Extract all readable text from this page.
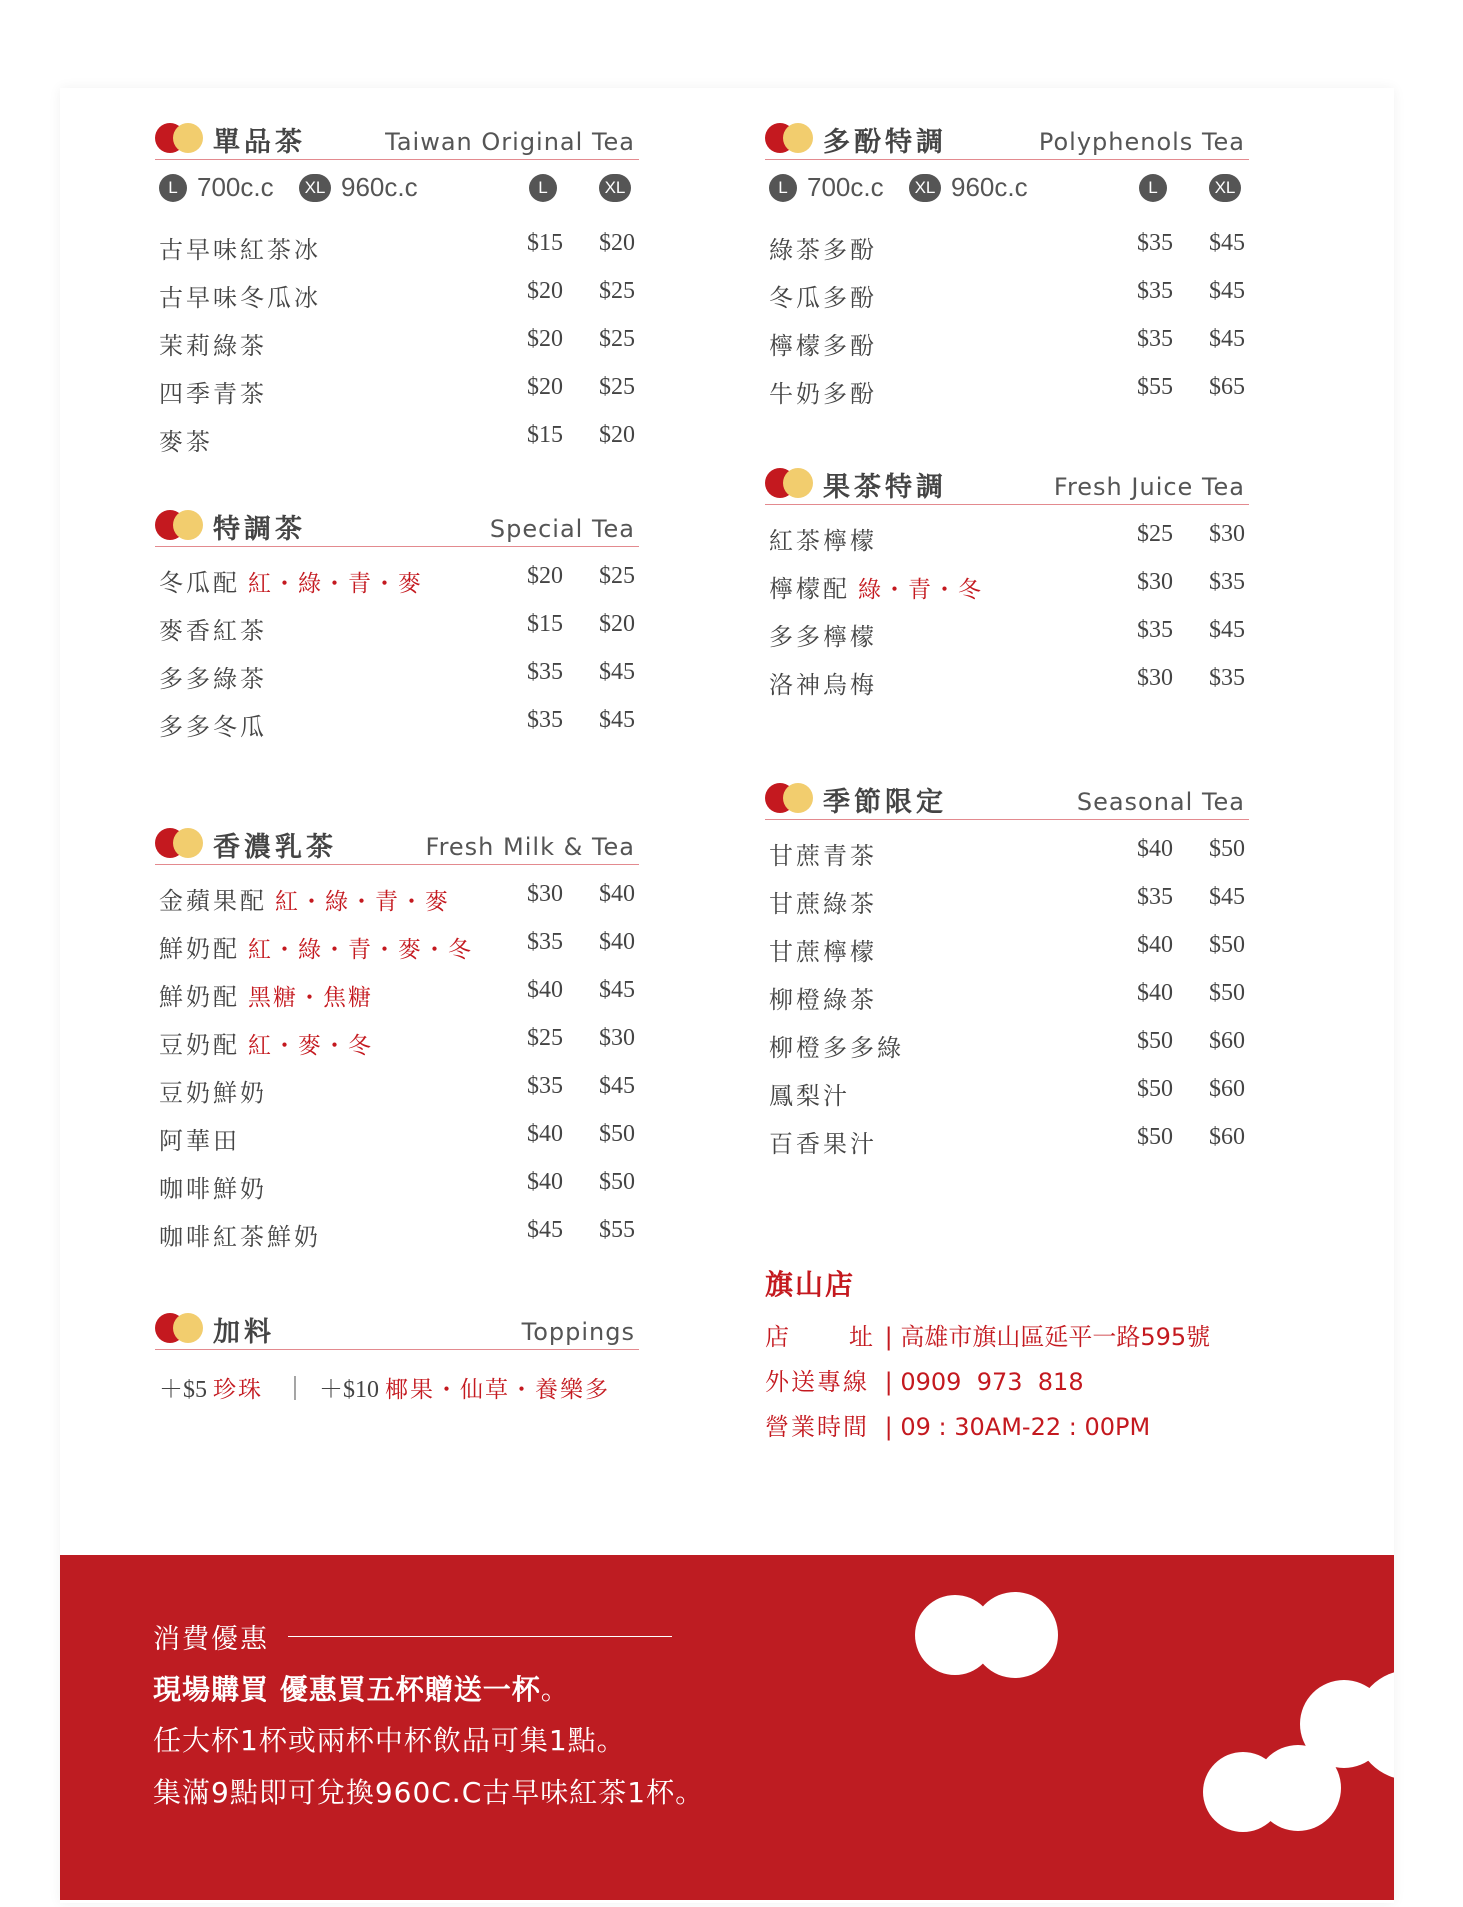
單品茶	Taiwan Original Tea
L 700c.c	XL 960c.c	L	XL
古早味紅茶冰	$15 $20
古早味冬瓜冰	$20 $25
茉莉綠茶	$20 $25
四季青茶	$20 $25
麥茶	$15 $20
特調茶	Special Tea
冬瓜配 紅・綠・青・麥	$20 $25
麥香紅茶	$15 $20
多多綠茶	$35 $45
多多冬瓜	$35 $45
香濃乳茶	Fresh Milk & Tea
金蘋果配 紅・綠・青・麥	$30 $40
鮮奶配 紅・綠・青・麥・冬 $35 $40
鮮奶配 黑糖・焦糖	$40 $45
豆奶配 紅・麥・冬	$25 $30
豆奶鮮奶	$35 $45
阿華田	$40 $50
咖啡鮮奶	$40 $50
咖啡紅茶鮮奶	$45 $55
加料	Toppings
＋$5 珍珠 ｜ ＋$10 椰果・仙草・養樂多
多酚特調	Polyphenols Tea
L 700c.c	XL 960c.c	L	XL
綠茶多酚	$35 $45
冬瓜多酚	$35 $45
檸檬多酚	$35 $45
牛奶多酚	$55 $65
果茶特調	Fresh Juice Tea
紅茶檸檬	$25 $30
檸檬配 綠・青・冬	$30 $35
多多檸檬	$35 $45
洛神烏梅	$30 $35
季節限定	Seasonal Tea
甘蔗青茶	$40 $50
甘蔗綠茶	$35 $45
甘蔗檸檬	$40 $50
柳橙綠茶	$40 $50
柳橙多多綠	$50 $60
鳳梨汁	$50 $60
百香果汁	$50 $60
旗山店
店	址 | 高雄市旗山區延平一路595號
外送專線 | 0909  973  818
營業時間 | 09 : 30AM-22 : 00PM
消費優惠
現場購買 優惠買五杯贈送一杯。
任大杯1杯或兩杯中杯飲品可集1點。
集滿9點即可兌換960C.C古早味紅茶1杯。
